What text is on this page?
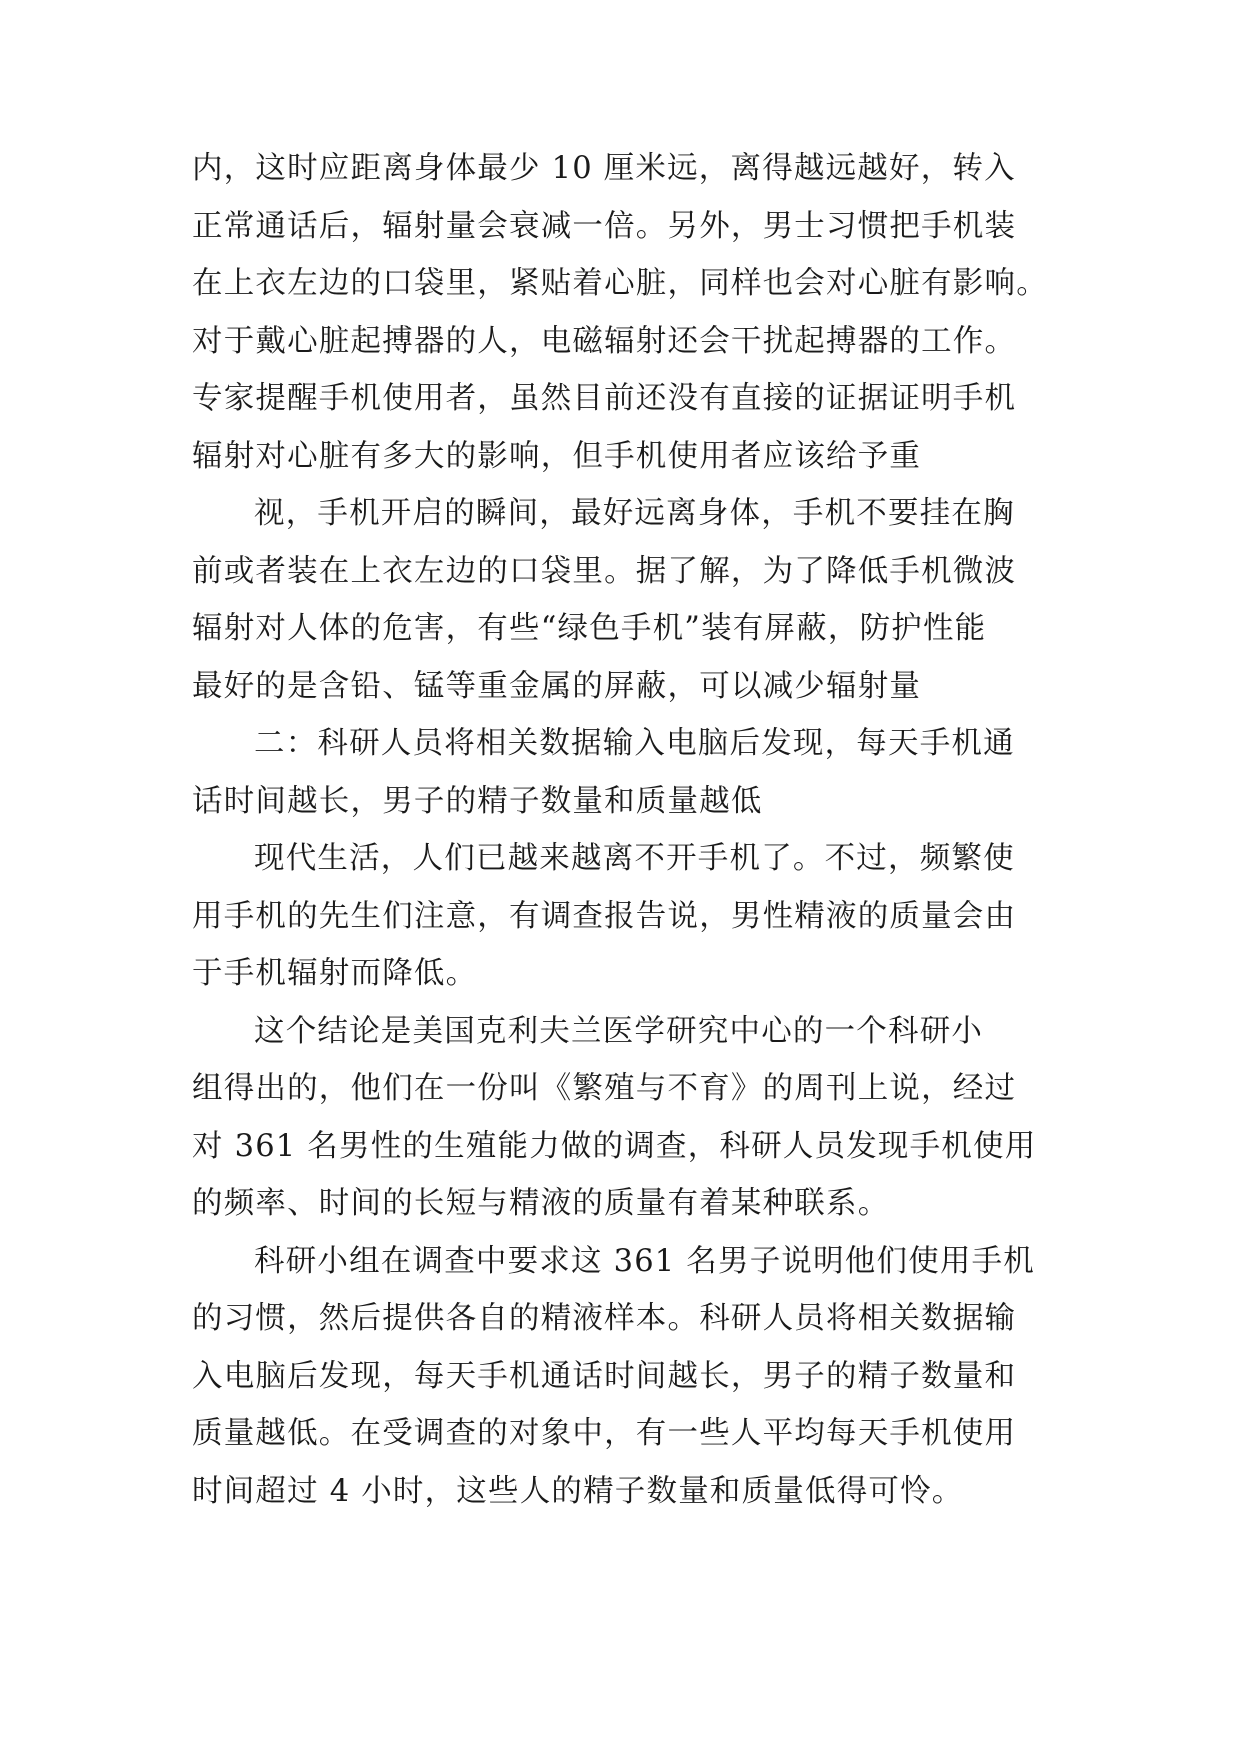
内，这时应距离身体最少 10 厘米远，离得越远越好，转入
正常通话后，辐射量会衰减一倍。另外，男士习惯把手机装
在上衣左边的口袋里，紧贴着心脏，同样也会对心脏有影响。
对于戴心脏起搏器的人，电磁辐射还会干扰起搏器的工作。
专家提醒手机使用者，虽然目前还没有直接的证据证明手机
辐射对心脏有多大的影响，但手机使用者应该给予重
视，手机开启的瞬间，最好远离身体，手机不要挂在胸
前或者装在上衣左边的口袋里。据了解，为了降低手机微波
辐射对人体的危害，有些“绿色手机”装有屏蔽，防护性能
最好的是含铅、锰等重金属的屏蔽，可以减少辐射量
二：科研人员将相关数据输入电脑后发现，每天手机通
话时间越长，男子的精子数量和质量越低
现代生活，人们已越来越离不开手机了。不过，频繁使
用手机的先生们注意，有调查报告说，男性精液的质量会由
于手机辐射而降低。
这个结论是美国克利夫兰医学研究中心的一个科研小
组得出的，他们在一份叫《繁殖与不育》的周刊上说，经过
对 361 名男性的生殖能力做的调查，科研人员发现手机使用
的频率、时间的长短与精液的质量有着某种联系。
科研小组在调查中要求这 361 名男子说明他们使用手机
的习惯，然后提供各自的精液样本。科研人员将相关数据输
入电脑后发现，每天手机通话时间越长，男子的精子数量和
质量越低。在受调查的对象中，有一些人平均每天手机使用
时间超过 4 小时，这些人的精子数量和质量低得可怜。
